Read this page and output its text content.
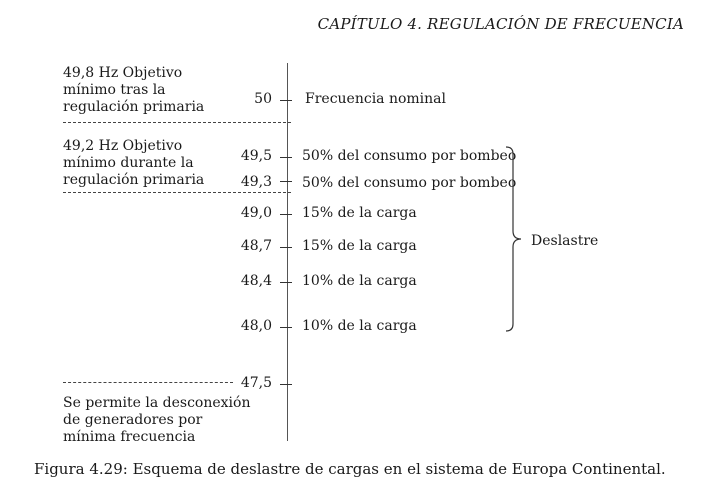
CAPÍTULO 4. REGULACIÓN DE FRECUENCIA
49,8 Hz Objetivo
mínimo tras la
regulación primaria
49,2 Hz Objetivo
mínimo durante la
regulación primaria
Se permite la desconexión
de generadores por
mínima frecuencia
50 Frecuencia nominal
49,5 50% del consumo por bombeo
49,3 50% del consumo por bombeo
49,0 15% de la carga
48,7 15% de la carga
48,4 10% de la carga
48,0 10% de la carga
47,5
Deslastre
Figura 4.29: Esquema de deslastre de cargas en el sistema de Europa Continental.
